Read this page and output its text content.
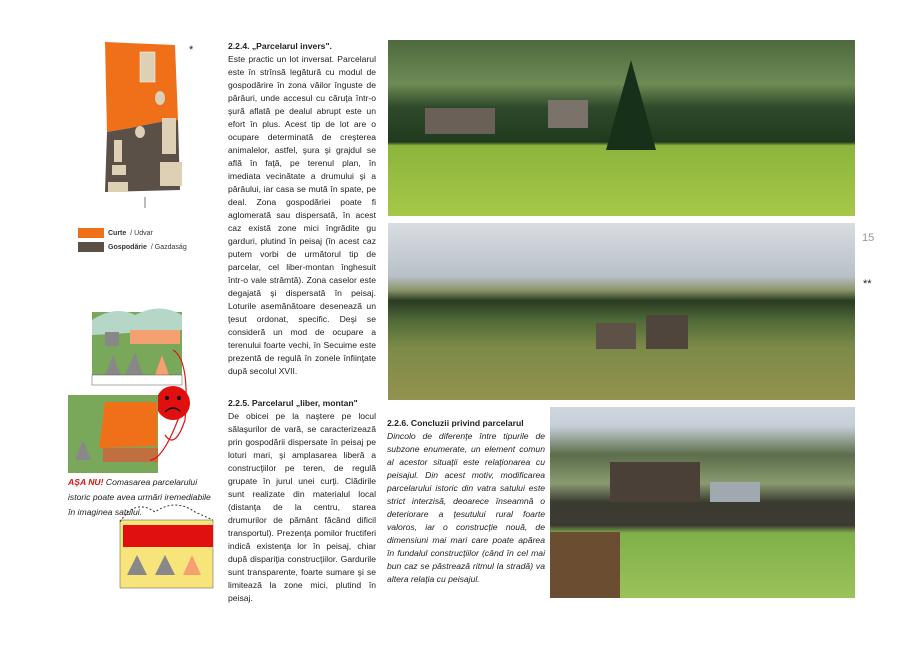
*
Curte / Udvar
Gospodărie / Gazdaság
AŞA NU! Comasarea parcelarului istoric poate avea urmări iremediabile în imaginea satului.
2.2.4. „Parcelarul invers".
Este practic un lot inversat. Parcelarul este în strînsă legătură cu modul de gospodărire în zona văilor înguste de pârâuri, unde accesul cu căruţa într-o şură aflată pe dealul abrupt este un efort în plus. Acest tip de lot are o ocupare determinată de creşterea animalelor, astfel, şura şi grajdul se află în faţă, pe terenul plan, în imediata vecinătate a drumului şi a pârâului, iar casa se mută în spate, pe deal. Zona gospodăriei poate fi aglomerată sau dispersată, în acest caz există zone mici îngrădite gu garduri, plutind în peisaj (în acest caz putem vorbi de următorul tip de parcelar, cel liber-montan înghesuit într-o vale strâmtă). Zona caselor este degajată şi dispersată în peisaj. Loturile asemănătoare desenează un ţesut ordonat, specific. Deşi se consideră un mod de ocupare a terenului foarte vechi, în Secuime este prezentă de regulă în zonele înfiinţate după secolul XVII.
2.2.5. Parcelarul „liber, montan"
De obicei pe la naştere pe locul sălaşurilor de vară, se caracterizează prin gospodării dispersate în peisaj pe loturi mari, şi amplasarea liberă a construcţiilor pe teren, de regulă grupate în jurul unei curţi. Clădirile sunt realizate din materialul local (distanţa de la centru, starea drumurilor de pământ făcând dificil transportul). Prezenţa pomilor fructiferi indică existenţa lor în peisaj, chiar după dispariţia construcţiilor. Gardurile sunt transparente, foarte sumare şi se limitează la zone mici, plutind în peisaj.
2.2.6. Concluzii privind parcelarul
Dincolo de diferenţe între tipurile de subzone enumerate, un element comun al acestor situaţii este relaţionarea cu peisajul. Din acest motiv, modificarea parcelarului istoric din vatra satului este strict interzisă, deoarece înseamnă o deteriorare a ţesutului rural foarte valoros, iar o construcţie nouă, de dimensiuni mai mari care poate apărea în fundalul construcţiilor (când în cel mai bun caz se păstrează ritmul la stradă) va altera relaţia cu peisajul.
15
**
